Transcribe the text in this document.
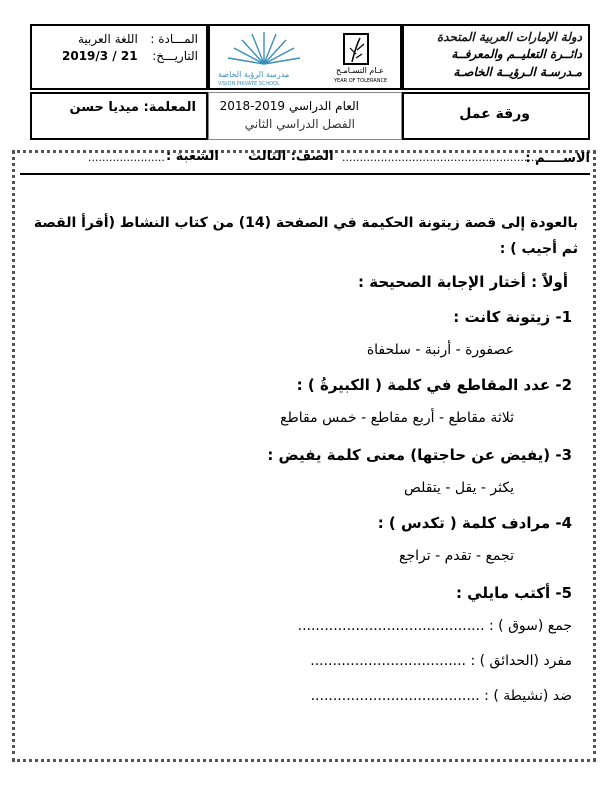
دولة الإمارات العربية المتحدة
دائــرة التعليــم والمعرفــة
مـدرسـة الـرؤيــة الخاصـة
عـام التسـامـح
YEAR OF TOLERANCE
مدرسة الرؤية الخاصة
VISION PRIVATE SCHOOL
المـــادة :
اللغة العربية
التاريـــخ:
2019/3 / 21
ورقة عمل
العام الدراسي 2019-2018
الفصل الدراسي الثاني
المعلمة: ميديا حسن
الاســــم :
........................................................
الصف: الثالث
الشعبة :
......................
بالعودة إلى قصة زيتونة الحكيمة في الصفحة (14) من كتاب النشاط (أقرأ القصة
ثم أجيب ) :
أولاً : أختار الإجابة الصحيحة :
1- زيتونة كانت :
عصفورة - أرنبة - سلحفاة
2- عدد المقاطع في كلمة ( الكبيرةُ ) :
ثلاثة مقاطع - أربع مقاطع - خمس مقاطع
3- (يفيض عن حاجتها) معنى كلمة يفيض :
يكثر - يقل - يتقلص
4- مرادف كلمة ( تكدس ) :
تجمع - تقدم - تراجع
5- أكتب مايلي :
جمع (سوق ) : ..........................................
مفرد (الحدائق ) : ...................................
ضد (نشيطة ) : ......................................
